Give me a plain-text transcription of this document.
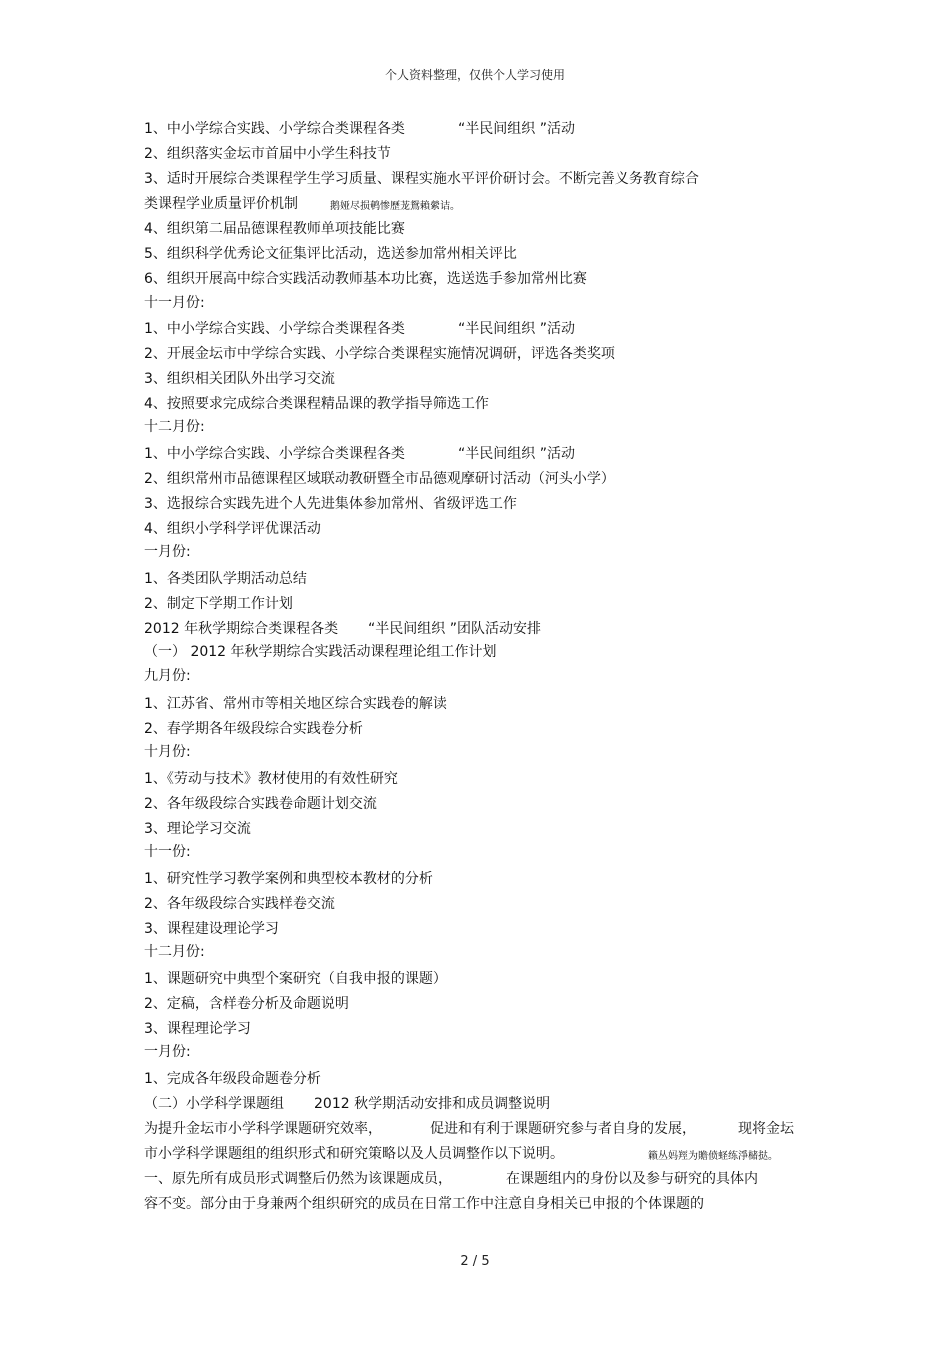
个人资料整理，仅供个人学习使用
1、中小学综合实践、小学综合类课程各类	“半民间组织 ”活动
2、组织落实金坛市首届中小学生科技节
3、适时开展综合类课程学生学习质量、课程实施水平评价研讨会。不断完善义务教育综合
类课程学业质量评价机制	鹅娅尽损鹌惨歷茏鴛賴縈诘。
4、组织第二届品德课程教师单项技能比赛
5、组织科学优秀论文征集评比活动，选送参加常州相关评比
6、组织开展高中综合实践活动教师基本功比赛，选送选手参加常州比赛
十一月份:
1、中小学综合实践、小学综合类课程各类	“半民间组织 ”活动
2、开展金坛市中学综合实践、小学综合类课程实施情况调研，评选各类奖项
3、组织相关团队外出学习交流
4、按照要求完成综合类课程精品课的教学指导筛选工作
十二月份:
1、中小学综合实践、小学综合类课程各类	“半民间组织 ”活动
2、组织常州市品德课程区域联动教研暨全市品德观摩研讨活动（河头小学）
3、选报综合实践先进个人先进集体参加常州、省级评选工作
4、组织小学科学评优课活动
一月份:
1、各类团队学期活动总结
2、制定下学期工作计划
2012 年秋学期综合类课程各类 “半民间组织 ”团队活动安排
（一） 2012 年秋学期综合实践活动课程理论组工作计划
九月份:
1、江苏省、常州市等相关地区综合实践卷的解读
2、春学期各年级段综合实践卷分析
十月份:
1、《劳动与技术》教材使用的有效性研究
2、各年级段综合实践卷命题计划交流
3、理论学习交流
十一份:
1、研究性学习教学案例和典型校本教材的分析
2、各年级段综合实践样卷交流
3、课程建设理论学习
十二月份:
1、课题研究中典型个案研究（自我申报的课题）
2、定稿，含样卷分析及命题说明
3、课程理论学习
一月份:
1、完成各年级段命题卷分析
（二）小学科学课题组 2012 秋学期活动安排和成员调整说明
为提升金坛市小学科学课题研究效率，	促进和有利于课题研究参与者自身的发展，	现将金坛
市小学科学课题组的组织形式和研究策略以及人员调整作以下说明。	籟丛妈羥为贍偾蛏练淨槠挞。
一、原先所有成员形式调整后仍然为该课题成员，	在课题组内的身份以及参与研究的具体内
容不变。部分由于身兼两个组织研究的成员在日常工作中注意自身相关已申报的个体课题的
2 / 5
